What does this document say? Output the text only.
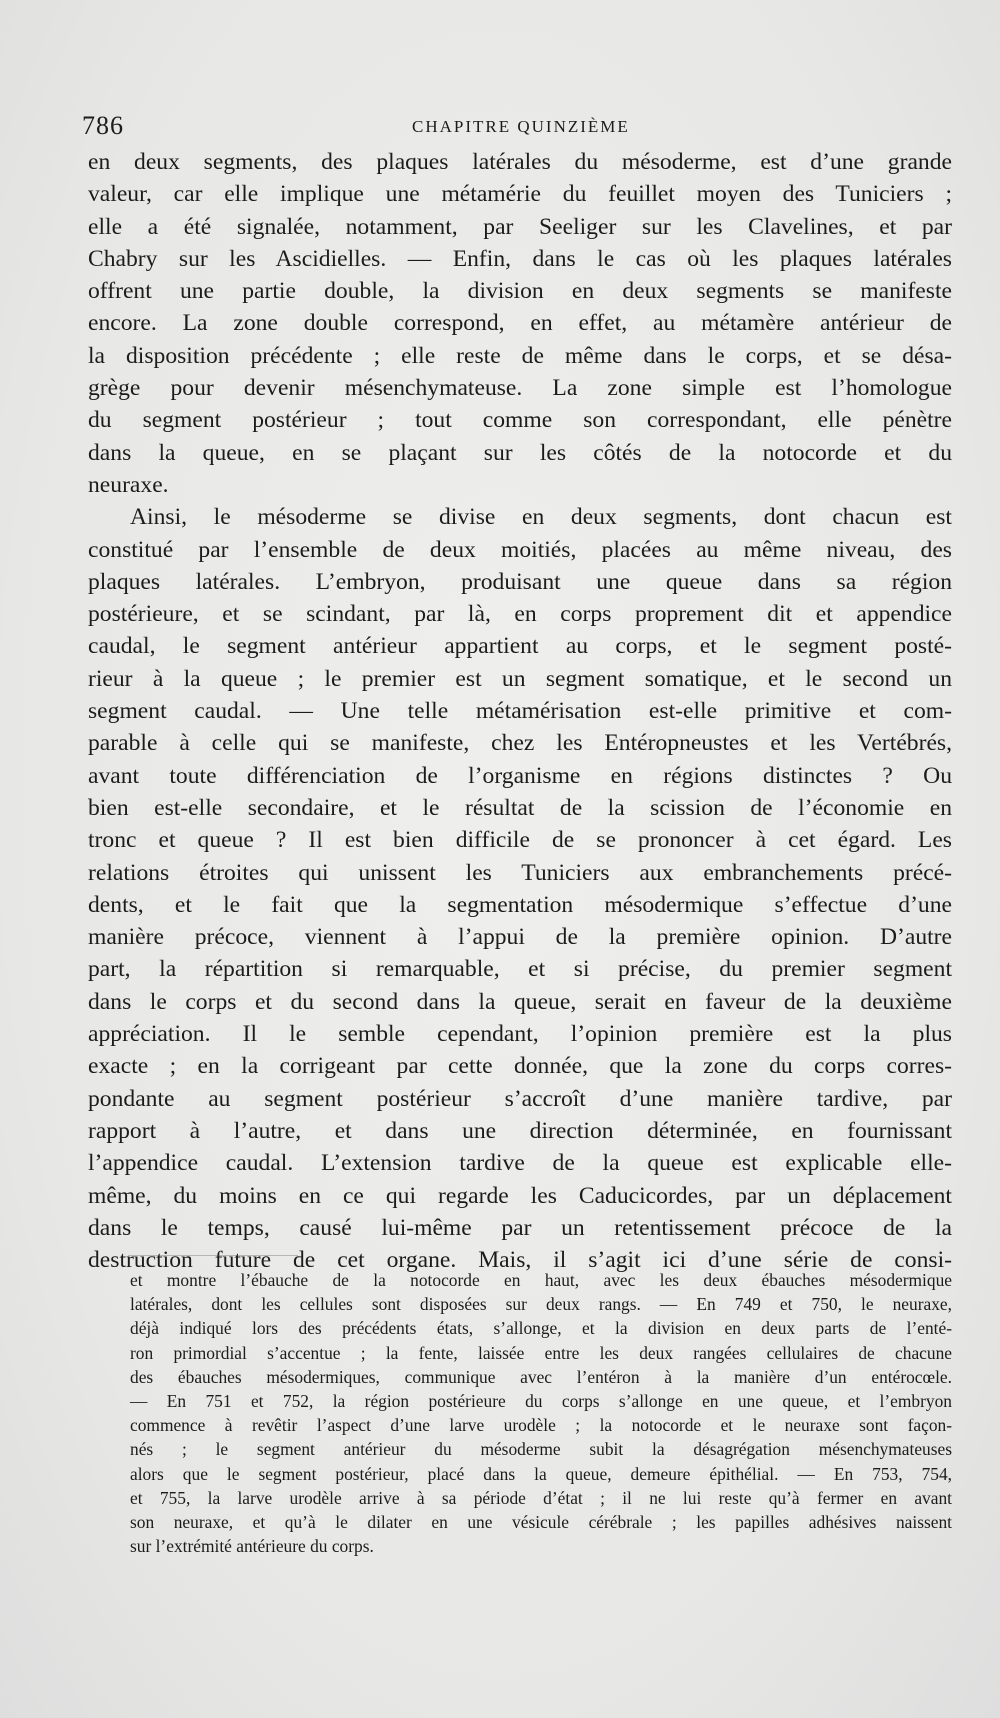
786	CHAPITRE QUINZIÈME
en deux segments, des plaques latérales du mésoderme, est d’une grande
valeur, car elle implique une métamérie du feuillet moyen des Tuniciers ;
elle a été signalée, notamment, par Seeliger sur les Clavelines, et par
Chabry sur les Ascidielles. — Enfin, dans le cas où les plaques latérales
offrent une partie double, la division en deux segments se manifeste
encore. La zone double correspond, en effet, au métamère antérieur de
la disposition précédente ; elle reste de même dans le corps, et se désa-
grège pour devenir mésenchymateuse. La zone simple est l’homologue
du segment postérieur ; tout comme son correspondant, elle pénètre
dans la queue, en se plaçant sur les côtés de la notocorde et du
neuraxe.
Ainsi, le mésoderme se divise en deux segments, dont chacun est
constitué par l’ensemble de deux moitiés, placées au même niveau, des
plaques latérales. L’embryon, produisant une queue dans sa région
postérieure, et se scindant, par là, en corps proprement dit et appendice
caudal, le segment antérieur appartient au corps, et le segment posté-
rieur à la queue ; le premier est un segment somatique, et le second un
segment caudal. — Une telle métamérisation est-elle primitive et com-
parable à celle qui se manifeste, chez les Entéropneustes et les Vertébrés,
avant toute différenciation de l’organisme en régions distinctes ? Ou
bien est-elle secondaire, et le résultat de la scission de l’économie en
tronc et queue ? Il est bien difficile de se prononcer à cet égard. Les
relations étroites qui unissent les Tuniciers aux embranchements précé-
dents, et le fait que la segmentation mésodermique s’effectue d’une
manière précoce, viennent à l’appui de la première opinion. D’autre
part, la répartition si remarquable, et si précise, du premier segment
dans le corps et du second dans la queue, serait en faveur de la deuxième
appréciation. Il le semble cependant, l’opinion première est la plus
exacte ; en la corrigeant par cette donnée, que la zone du corps corres-
pondante au segment postérieur s’accroît d’une manière tardive, par
rapport à l’autre, et dans une direction déterminée, en fournissant
l’appendice caudal. L’extension tardive de la queue est explicable elle-
même, du moins en ce qui regarde les Caducicordes, par un déplacement
dans le temps, causé lui-même par un retentissement précoce de la
destruction future de cet organe. Mais, il s’agit ici d’une série de consi-
et montre l’ébauche de la notocorde en haut, avec les deux ébauches mésodermique
latérales, dont les cellules sont disposées sur deux rangs. — En 749 et 750, le neuraxe,
déjà indiqué lors des précédents états, s’allonge, et la division en deux parts de l’enté-
ron primordial s’accentue ; la fente, laissée entre les deux rangées cellulaires de chacune
des ébauches mésodermiques, communique avec l’entéron à la manière d’un entérocœle.
— En 751 et 752, la région postérieure du corps s’allonge en une queue, et l’embryon
commence à revêtir l’aspect d’une larve urodèle ; la notocorde et le neuraxe sont façon-
nés ; le segment antérieur du mésoderme subit la désagrégation mésenchymateuses
alors que le segment postérieur, placé dans la queue, demeure épithélial. — En 753, 754,
et 755, la larve urodèle arrive à sa période d’état ; il ne lui reste qu’à fermer en avant
son neuraxe, et qu’à le dilater en une vésicule cérébrale ; les papilles adhésives naissent
sur l’extrémité antérieure du corps.
